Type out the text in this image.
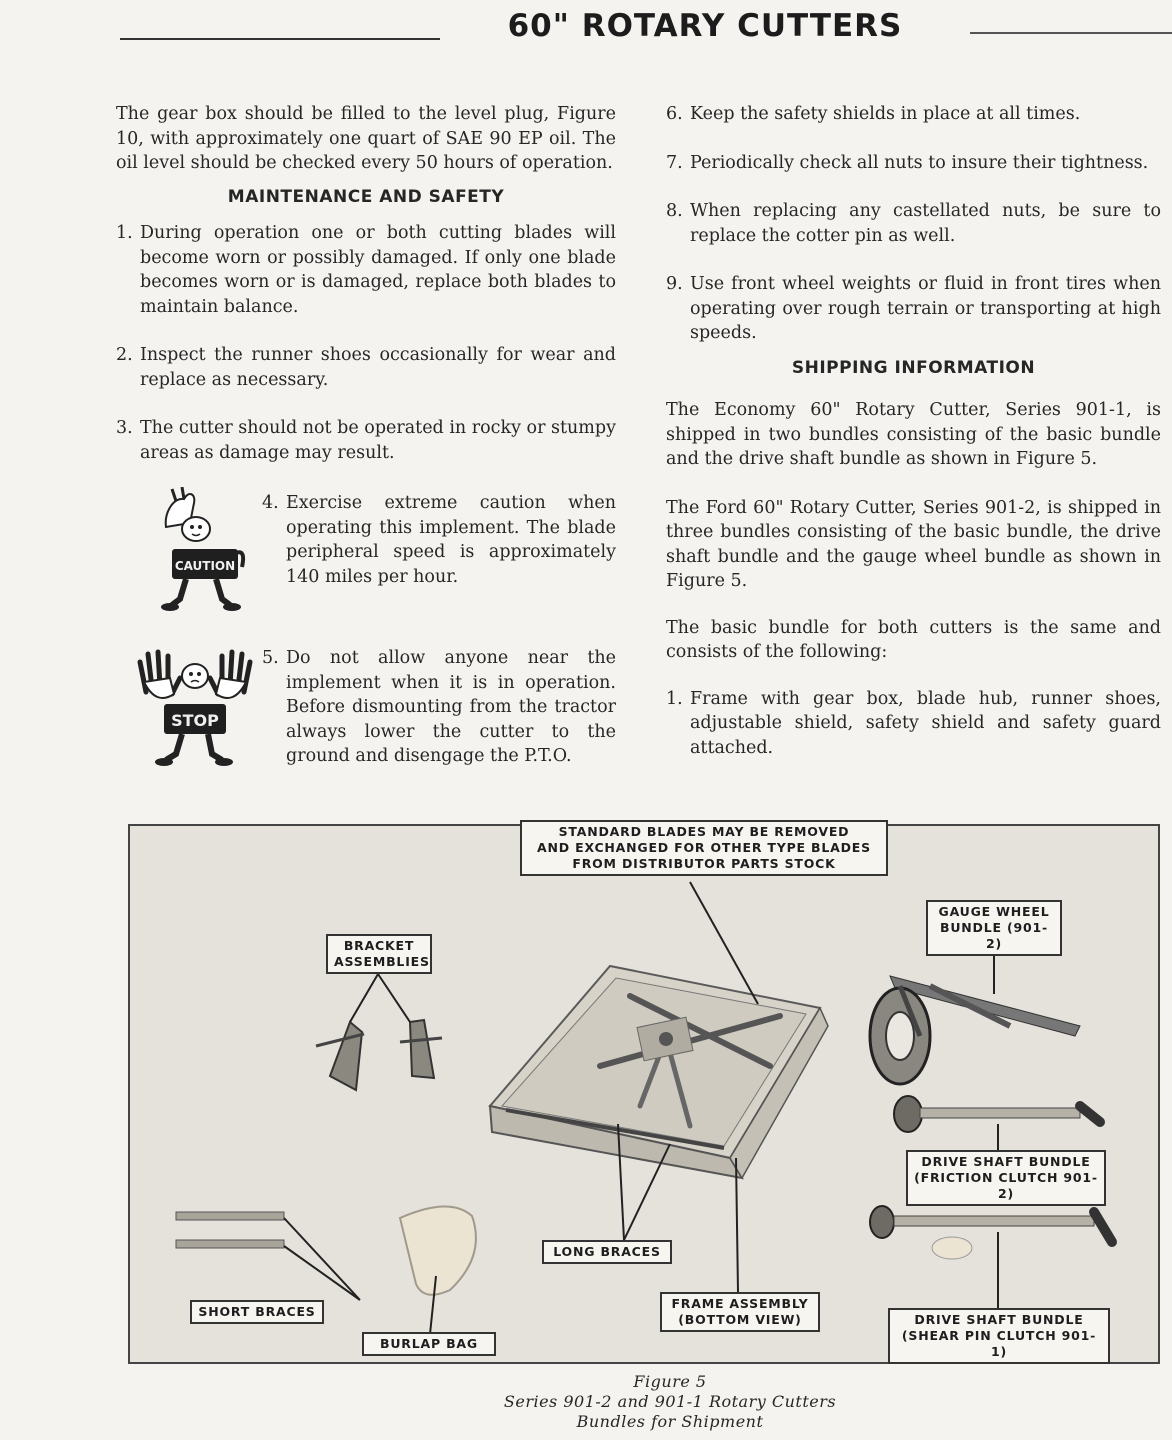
60" ROTARY CUTTERS

The gear box should be filled to the level plug, Figure 10, with approximately one quart of SAE 90 EP oil. The oil level should be checked every 50 hours of operation.

MAINTENANCE AND SAFETY
1. During operation one or both cutting blades will become worn or possibly damaged. If only one blade becomes worn or is damaged, replace both blades to maintain balance.
2. Inspect the runner shoes occasionally for wear and replace as necessary.
3. The cutter should not be operated in rocky or stumpy areas as damage may result.
CAUTION
4. Exercise extreme caution when operating this implement. The blade peripheral speed is approximately 140 miles per hour.
STOP
5. Do not allow anyone near the implement when it is in operation. Before dismounting from the tractor always lower the cutter to the ground and disengage the P.T.O.
6. Keep the safety shields in place at all times.
7. Periodically check all nuts to insure their tightness.
8. When replacing any castellated nuts, be sure to replace the cotter pin as well.
9. Use front wheel weights or fluid in front tires when operating over rough terrain or transporting at high speeds.
SHIPPING INFORMATION

The Economy 60" Rotary Cutter, Series 901-1, is shipped in two bundles consisting of the basic bundle and the drive shaft bundle as shown in Figure 5.

The Ford 60" Rotary Cutter, Series 901-2, is shipped in three bundles consisting of the basic bundle, the drive shaft bundle and the gauge wheel bundle as shown in Figure 5.

The basic bundle for both cutters is the same and consists of the following:

1. Frame with gear box, blade hub, runner shoes, adjustable shield, safety shield and safety guard attached.
STANDARD BLADES MAY BE REMOVED
AND EXCHANGED FOR OTHER TYPE BLADES
FROM DISTRIBUTOR PARTS STOCK
GAUGE WHEEL
BUNDLE (901-2)
BRACKET
ASSEMBLIES
DRIVE SHAFT BUNDLE
(FRICTION CLUTCH 901-2)
LONG BRACES
SHORT BRACES
FRAME ASSEMBLY
(BOTTOM VIEW)
BURLAP BAG
DRIVE SHAFT BUNDLE
(SHEAR PIN CLUTCH 901-1)
Figure 5
Series 901-2 and 901-1 Rotary Cutters
Bundles for Shipment
